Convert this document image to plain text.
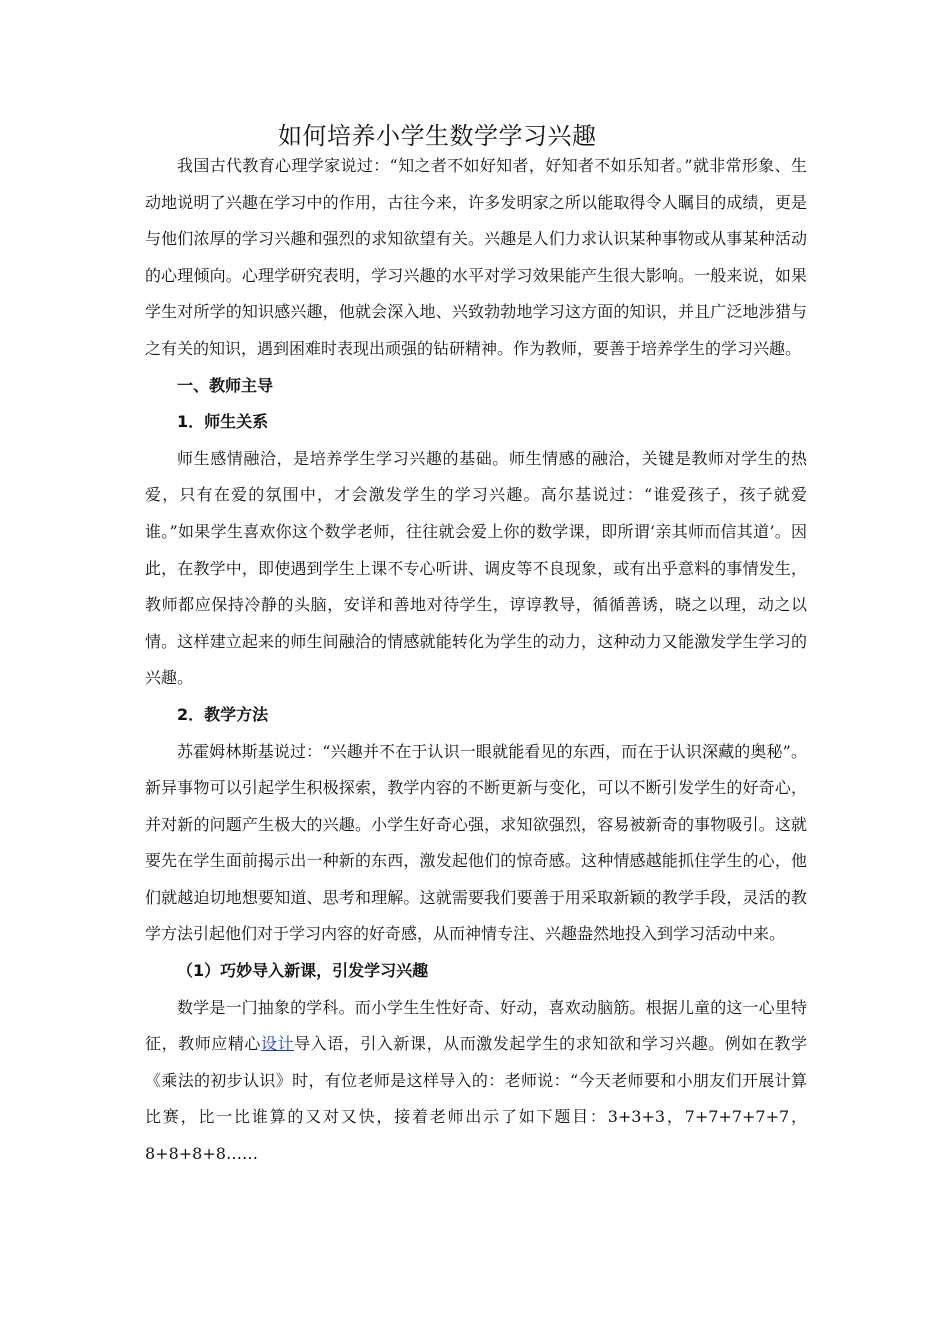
如何培养小学生数学学习兴趣

我国古代教育心理学家说过：“知之者不如好知者，好知者不如乐知者。”就非常形象、生动地说明了兴趣在学习中的作用，古往今来，许多发明家之所以能取得令人瞩目的成绩，更是与他们浓厚的学习兴趣和强烈的求知欲望有关。兴趣是人们力求认识某种事物或从事某种活动的心理倾向。心理学研究表明，学习兴趣的水平对学习效果能产生很大影响。一般来说，如果学生对所学的知识感兴趣，他就会深入地、兴致勃勃地学习这方面的知识，并且广泛地涉猎与之有关的知识，遇到困难时表现出顽强的钻研精神。作为教师，要善于培养学生的学习兴趣。

一、教师主导

1．师生关系

师生感情融洽，是培养学生学习兴趣的基础。师生情感的融洽，关键是教师对学生的热爱，只有在爱的氛围中，才会激发学生的学习兴趣。高尔基说过：“谁爱孩子，孩子就爱谁。”如果学生喜欢你这个数学老师，往往就会爱上你的数学课，即所谓‘亲其师而信其道’。因此，在教学中，即使遇到学生上课不专心听讲、调皮等不良现象，或有出乎意料的事情发生，教师都应保持冷静的头脑，安详和善地对待学生，谆谆教导，循循善诱，晓之以理，动之以情。这样建立起来的师生间融洽的情感就能转化为学生的动力，这种动力又能激发学生学习的兴趣。

2．教学方法

苏霍姆林斯基说过：“兴趣并不在于认识一眼就能看见的东西，而在于认识深藏的奥秘”。新异事物可以引起学生积极探索，教学内容的不断更新与变化，可以不断引发学生的好奇心，并对新的问题产生极大的兴趣。小学生好奇心强，求知欲强烈，容易被新奇的事物吸引。这就要先在学生面前揭示出一种新的东西，激发起他们的惊奇感。这种情感越能抓住学生的心，他们就越迫切地想要知道、思考和理解。这就需要我们要善于用采取新颖的教学手段，灵活的教学方法引起他们对于学习内容的好奇感，从而神情专注、兴趣盎然地投入到学习活动中来。

（1）巧妙导入新课，引发学习兴趣

数学是一门抽象的学科。而小学生生性好奇、好动，喜欢动脑筋。根据儿童的这一心里特征，教师应精心设计导入语，引入新课，从而激发起学生的求知欲和学习兴趣。例如在教学《乘法的初步认识》时，有位老师是这样导入的：老师说：“今天老师要和小朋友们开展计算比赛，比一比谁算的又对又快，接着老师出示了如下题目：3+3+3，7+7+7+7+7，8+8+8+8……
